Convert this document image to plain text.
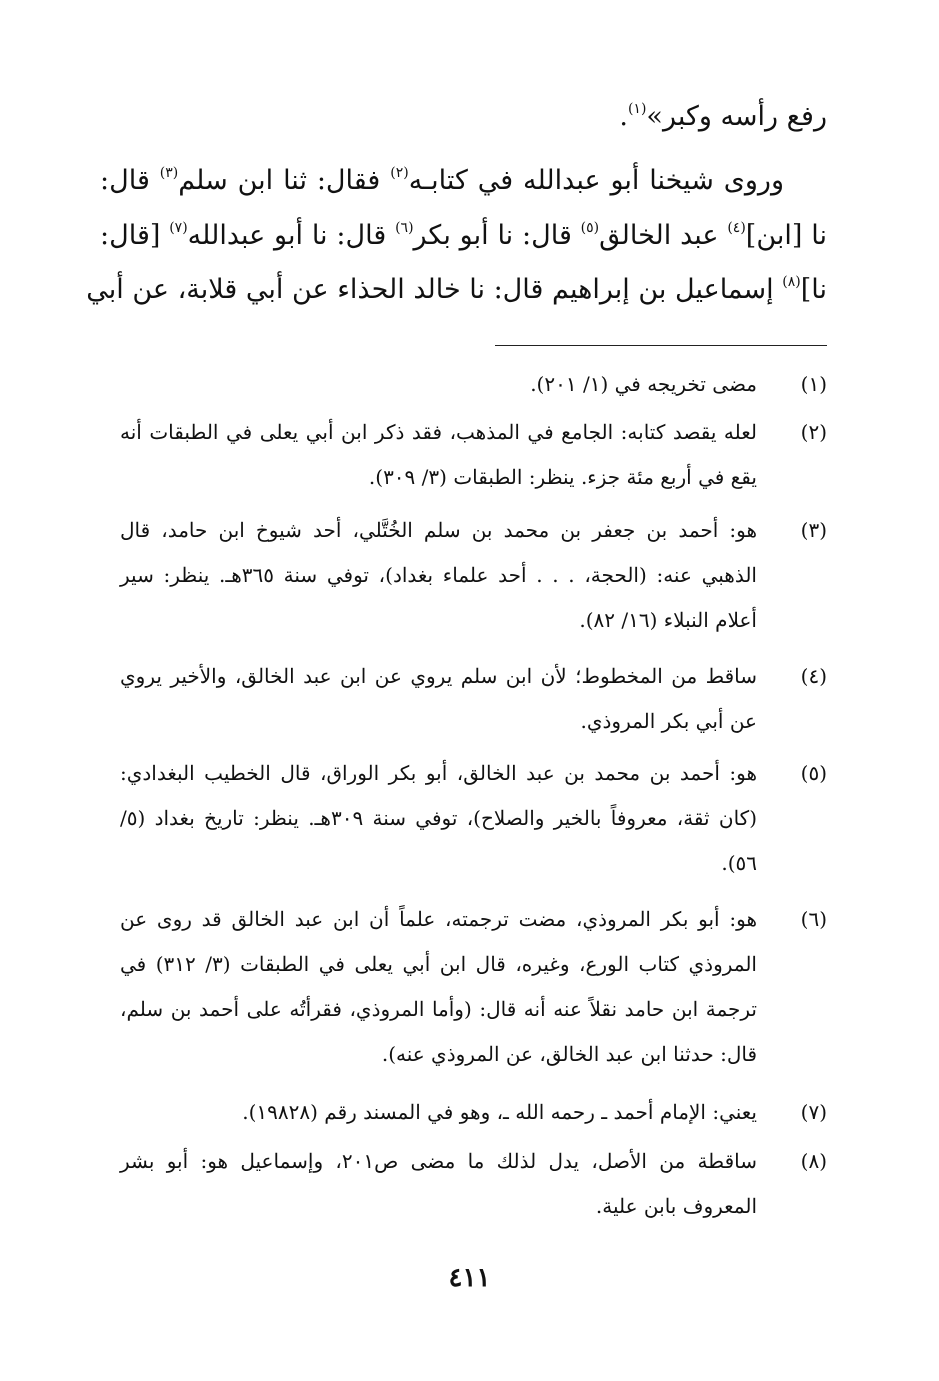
رفع رأسه وكبر»$^{(١)}$.

وروى شيخنا أبو عبدالله في كتابـه$^{(٢)}$ فقال: ثنا ابن سلم$^{(٣)}$ قال:

نا [ابن]$^{(٤)}$ عبد الخالق$^{(٥)}$ قال: نا أبو بكر$^{(٦)}$ قال: نا أبو عبدالله$^{(٧)}$ [قال:

نا]$^{(٨)}$ إسماعيل بن إبراهيم قال: نا خالد الحذاء عن أبي قلابة، عن أبي

(١)
مضى تخريجه في (١/ ٢٠١).
(٢)
لعله يقصد كتابه: الجامع في المذهب، فقد ذكر ابن أبي يعلى في الطبقات أنه يقع في أربع مئة جزء. ينظر: الطبقات (٣/ ٣٠٩).
(٣)
هو: أحمد بن جعفر بن محمد بن سلم الخُتَّلي، أحد شيوخ ابن حامد، قال الذهبي عنه: (الحجة، . . . أحد علماء بغداد)، توفي سنة ٣٦٥هـ. ينظر: سير أعلام النبلاء (١٦/ ٨٢).
(٤)
ساقط من المخطوط؛ لأن ابن سلم يروي عن ابن عبد الخالق، والأخير يروي عن أبي بكر المروذي.
(٥)
هو: أحمد بن محمد بن عبد الخالق، أبو بكر الوراق، قال الخطيب البغدادي: (كان ثقة، معروفاً بالخير والصلاح)، توفي سنة ٣٠٩هـ. ينظر: تاريخ بغداد (٥/ ٥٦).
(٦)
هو: أبو بكر المروذي، مضت ترجمته، علماً أن ابن عبد الخالق قد روى عن المروذي كتاب الورع، وغيره، قال ابن أبي يعلى في الطبقات (٣/ ٣١٢) في ترجمة ابن حامد نقلاً عنه أنه قال: (وأما المروذي، فقرأتُه على أحمد بن سلم، قال: حدثنا ابن عبد الخالق، عن المروذي عنه).
(٧)
يعني: الإمام أحمد ـ رحمه الله ـ، وهو في المسند رقم (١٩٨٢٨).
(٨)
ساقطة من الأصل، يدل لذلك ما مضى ص٢٠١، وإسماعيل هو: أبو بشر المعروف بابن علية.
٤١١
